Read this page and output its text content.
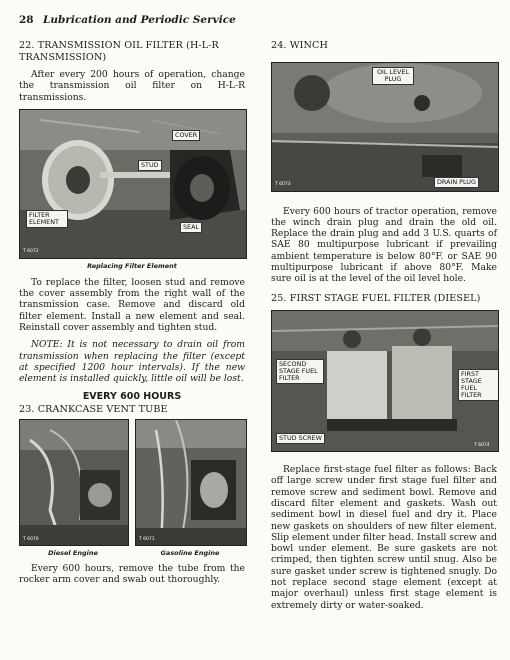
28 Lubrication and Periodic Service
22. TRANSMISSION OIL FILTER (H-L-R TRANSMISSION)

After every 200 hours of operation, change the transmission oil filter on H-L-R transmissions.

COVER
STUD
FILTER ELEMENT
SEAL
T 6072
Replacing Filter Element

To replace the filter, loosen stud and remove the cover assembly from the right wall of the transmission case. Remove and discard old filter element. Install a new element and seal. Reinstall cover assembly and tighten stud.

NOTE: It is not necessary to drain oil from transmission when replacing the filter (except at specified 1200 hour intervals). If the new element is installed quickly, little oil will be lost.

EVERY 600 HOURS
23. CRANKCASE VENT TUBE
T 6070
Diesel Engine
T 6071
Gasoline Engine

Every 600 hours, remove the tube from the rocker arm cover and swab out thoroughly.

24. WINCH
OIL LEVEL PLUG
DRAIN PLUG
T 6073

Every 600 hours of tractor operation, remove the winch drain plug and drain the old oil. Replace the drain plug and add 3 U.S. quarts of SAE 80 multipurpose lubricant if prevailing ambient temperature is below 80°F. or SAE 90 multipurpose lubricant if above 80°F. Make sure oil is at the level of the oil level hole.

25. FIRST STAGE FUEL FILTER (DIESEL)
SECOND STAGE FUEL FILTER	FIRST STAGE FUEL FILTER
STUD SCREW
T 6074

Replace first-stage fuel filter as follows: Back off large screw under first stage fuel filter and remove screw and sediment bowl. Remove and discard filter element and gaskets. Wash out sediment bowl in diesel fuel and dry it. Place new gaskets on shoulders of new filter element. Slip element under filter head. Install screw and bowl under element. Be sure gaskets are not crimped, then tighten screw until snug. Also be sure gasket under screw is tightened snugly. Do not replace second stage element (except at major overhaul) unless first stage element is extremely dirty or water-soaked.
